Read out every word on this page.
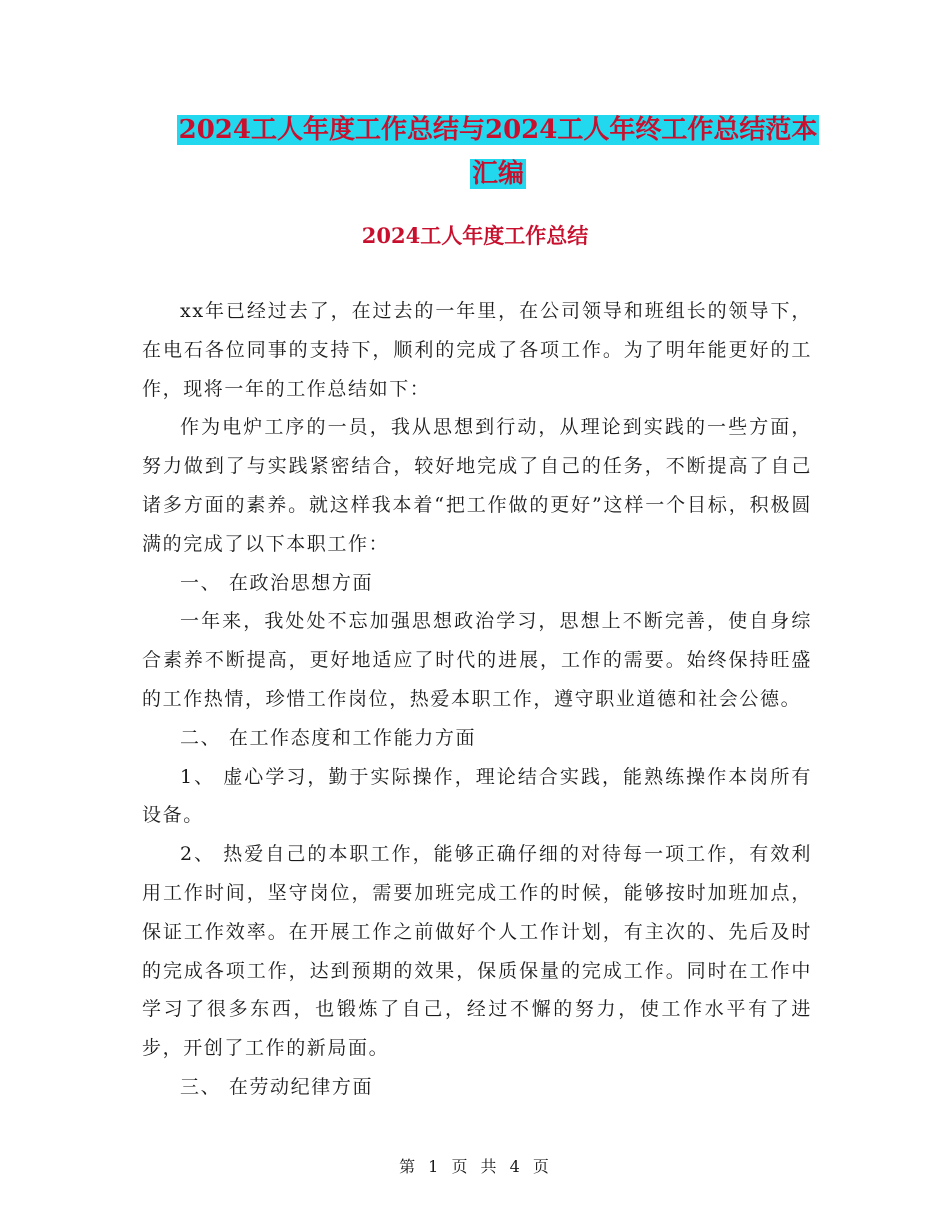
2024工人年度工作总结与2024工人年终工作总结范本
汇编
2024工人年度工作总结

xx年已经过去了，在过去的一年里，在公司领导和班组长的领导下，在电石各位同事的支持下，顺利的完成了各项工作。为了明年能更好的工作，现将一年的工作总结如下：

作为电炉工序的一员，我从思想到行动，从理论到实践的一些方面，努力做到了与实践紧密结合，较好地完成了自己的任务，不断提高了自己诸多方面的素养。就这样我本着“把工作做的更好”这样一个目标，积极圆满的完成了以下本职工作：

一、 在政治思想方面

一年来，我处处不忘加强思想政治学习，思想上不断完善，使自身综合素养不断提高，更好地适应了时代的进展，工作的需要。始终保持旺盛的工作热情，珍惜工作岗位，热爱本职工作，遵守职业道德和社会公德。

二、 在工作态度和工作能力方面

1、 虚心学习，勤于实际操作，理论结合实践，能熟练操作本岗所有设备。

2、 热爱自己的本职工作，能够正确仔细的对待每一项工作，有效利用工作时间，坚守岗位，需要加班完成工作的时候，能够按时加班加点，保证工作效率。在开展工作之前做好个人工作计划，有主次的、先后及时的完成各项工作，达到预期的效果，保质保量的完成工作。同时在工作中学习了很多东西，也锻炼了自己，经过不懈的努力，使工作水平有了进步，开创了工作的新局面。

三、 在劳动纪律方面

第 1 页 共 4 页
